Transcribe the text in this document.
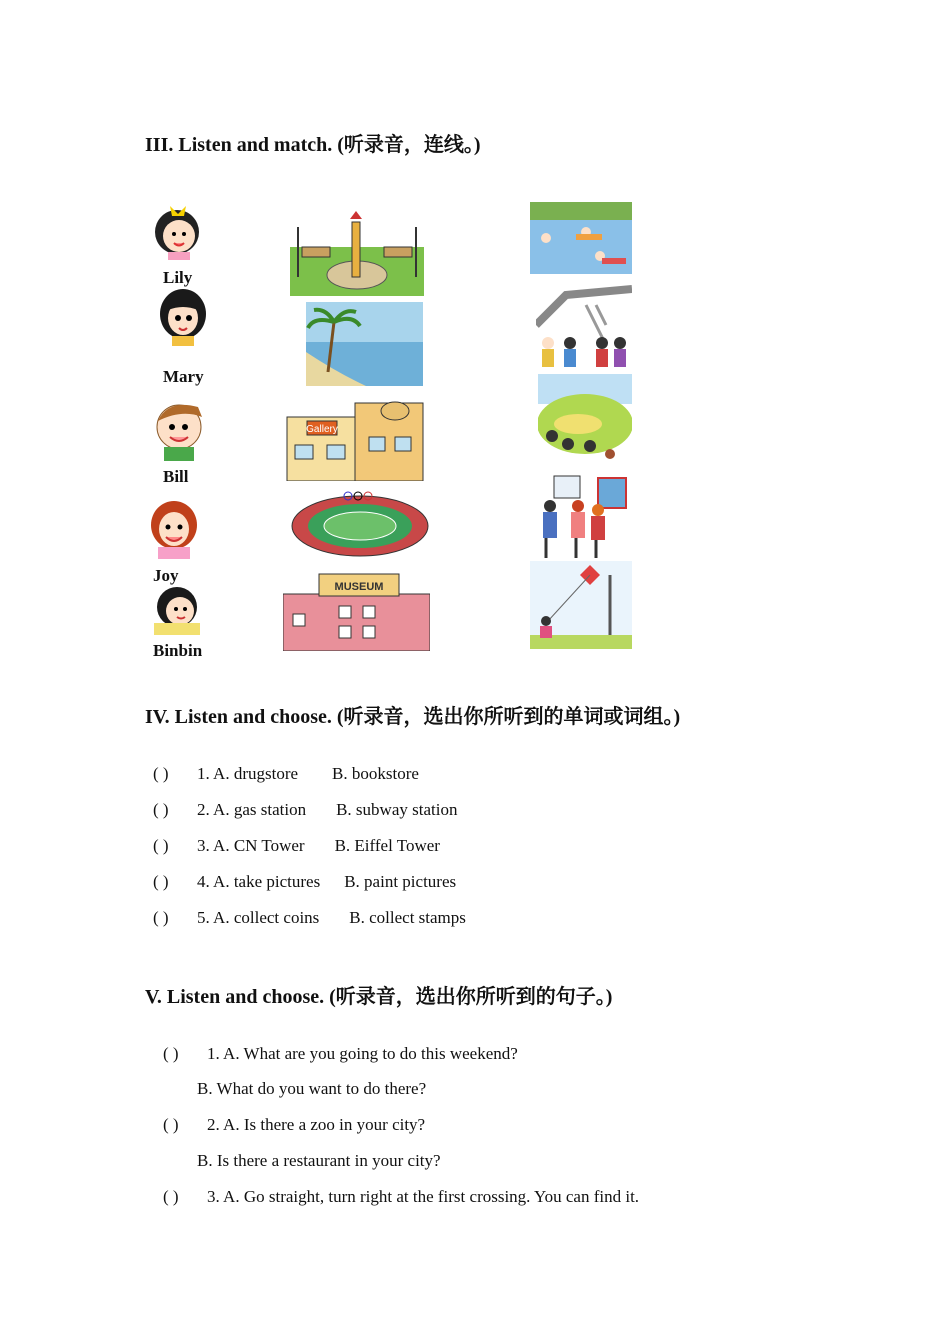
III. Listen and match. (听录音，连线。)
Lily
Mary
Bill
Joy
Binbin
Gallery
MUSEUM
IV. Listen and choose. (听录音，选出你所听到的单词或词组。)
( ) 1. A. drugstore B. bookstore
( ) 2. A. gas station B. subway station
( ) 3. A. CN Tower B. Eiffel Tower
( ) 4. A. take pictures B. paint pictures
( ) 5. A. collect coins B. collect stamps
V. Listen and choose. (听录音，选出你所听到的句子。)
( ) 1. A. What are you going to do this weekend?
B. What do you want to do there?
( ) 2. A. Is there a zoo in your city?
B. Is there a restaurant in your city?
( ) 3. A. Go straight, turn right at the first crossing. You can find it.
